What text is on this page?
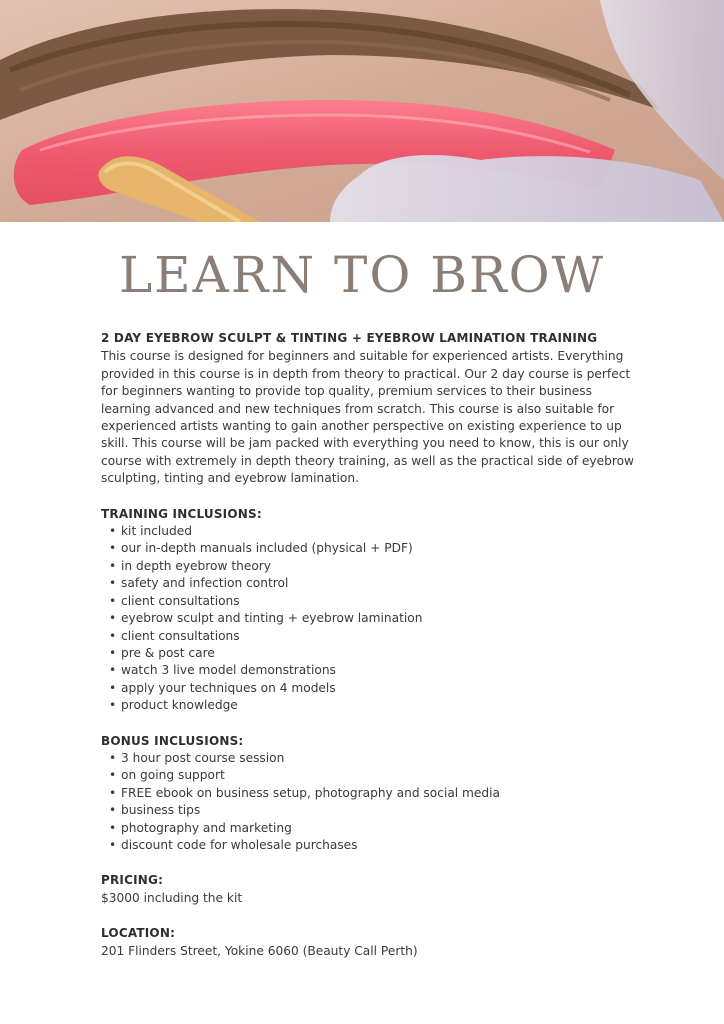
LEARN TO BROW

2 DAY EYEBROW SCULPT & TINTING + EYEBROW LAMINATION TRAINING

This course is designed for beginners and suitable for experienced artists. Everything provided in this course is in depth from theory to practical. Our 2 day course is perfect for beginners wanting to provide top quality, premium services to their business learning advanced and new techniques from scratch. This course is also suitable for experienced artists wanting to gain another perspective on existing experience to up skill. This course will be jam packed with everything you need to know, this is our only course with extremely in depth theory training, as well as the practical side of eyebrow sculpting, tinting and eyebrow lamination.

TRAINING INCLUSIONS:

• kit included
• our in-depth manuals included (physical + PDF)
• in depth eyebrow theory
• safety and infection control
• client consultations
• eyebrow sculpt and tinting + eyebrow lamination
• client consultations
• pre & post care
• watch 3 live model demonstrations
• apply your techniques on 4 models
• product knowledge

BONUS INCLUSIONS:

• 3 hour post course session
• on going support
• FREE ebook on business setup, photography and social media
• business tips
• photography and marketing
• discount code for wholesale purchases

PRICING:

$3000 including the kit

LOCATION:

201 Flinders Street, Yokine 6060 (Beauty Call Perth)
